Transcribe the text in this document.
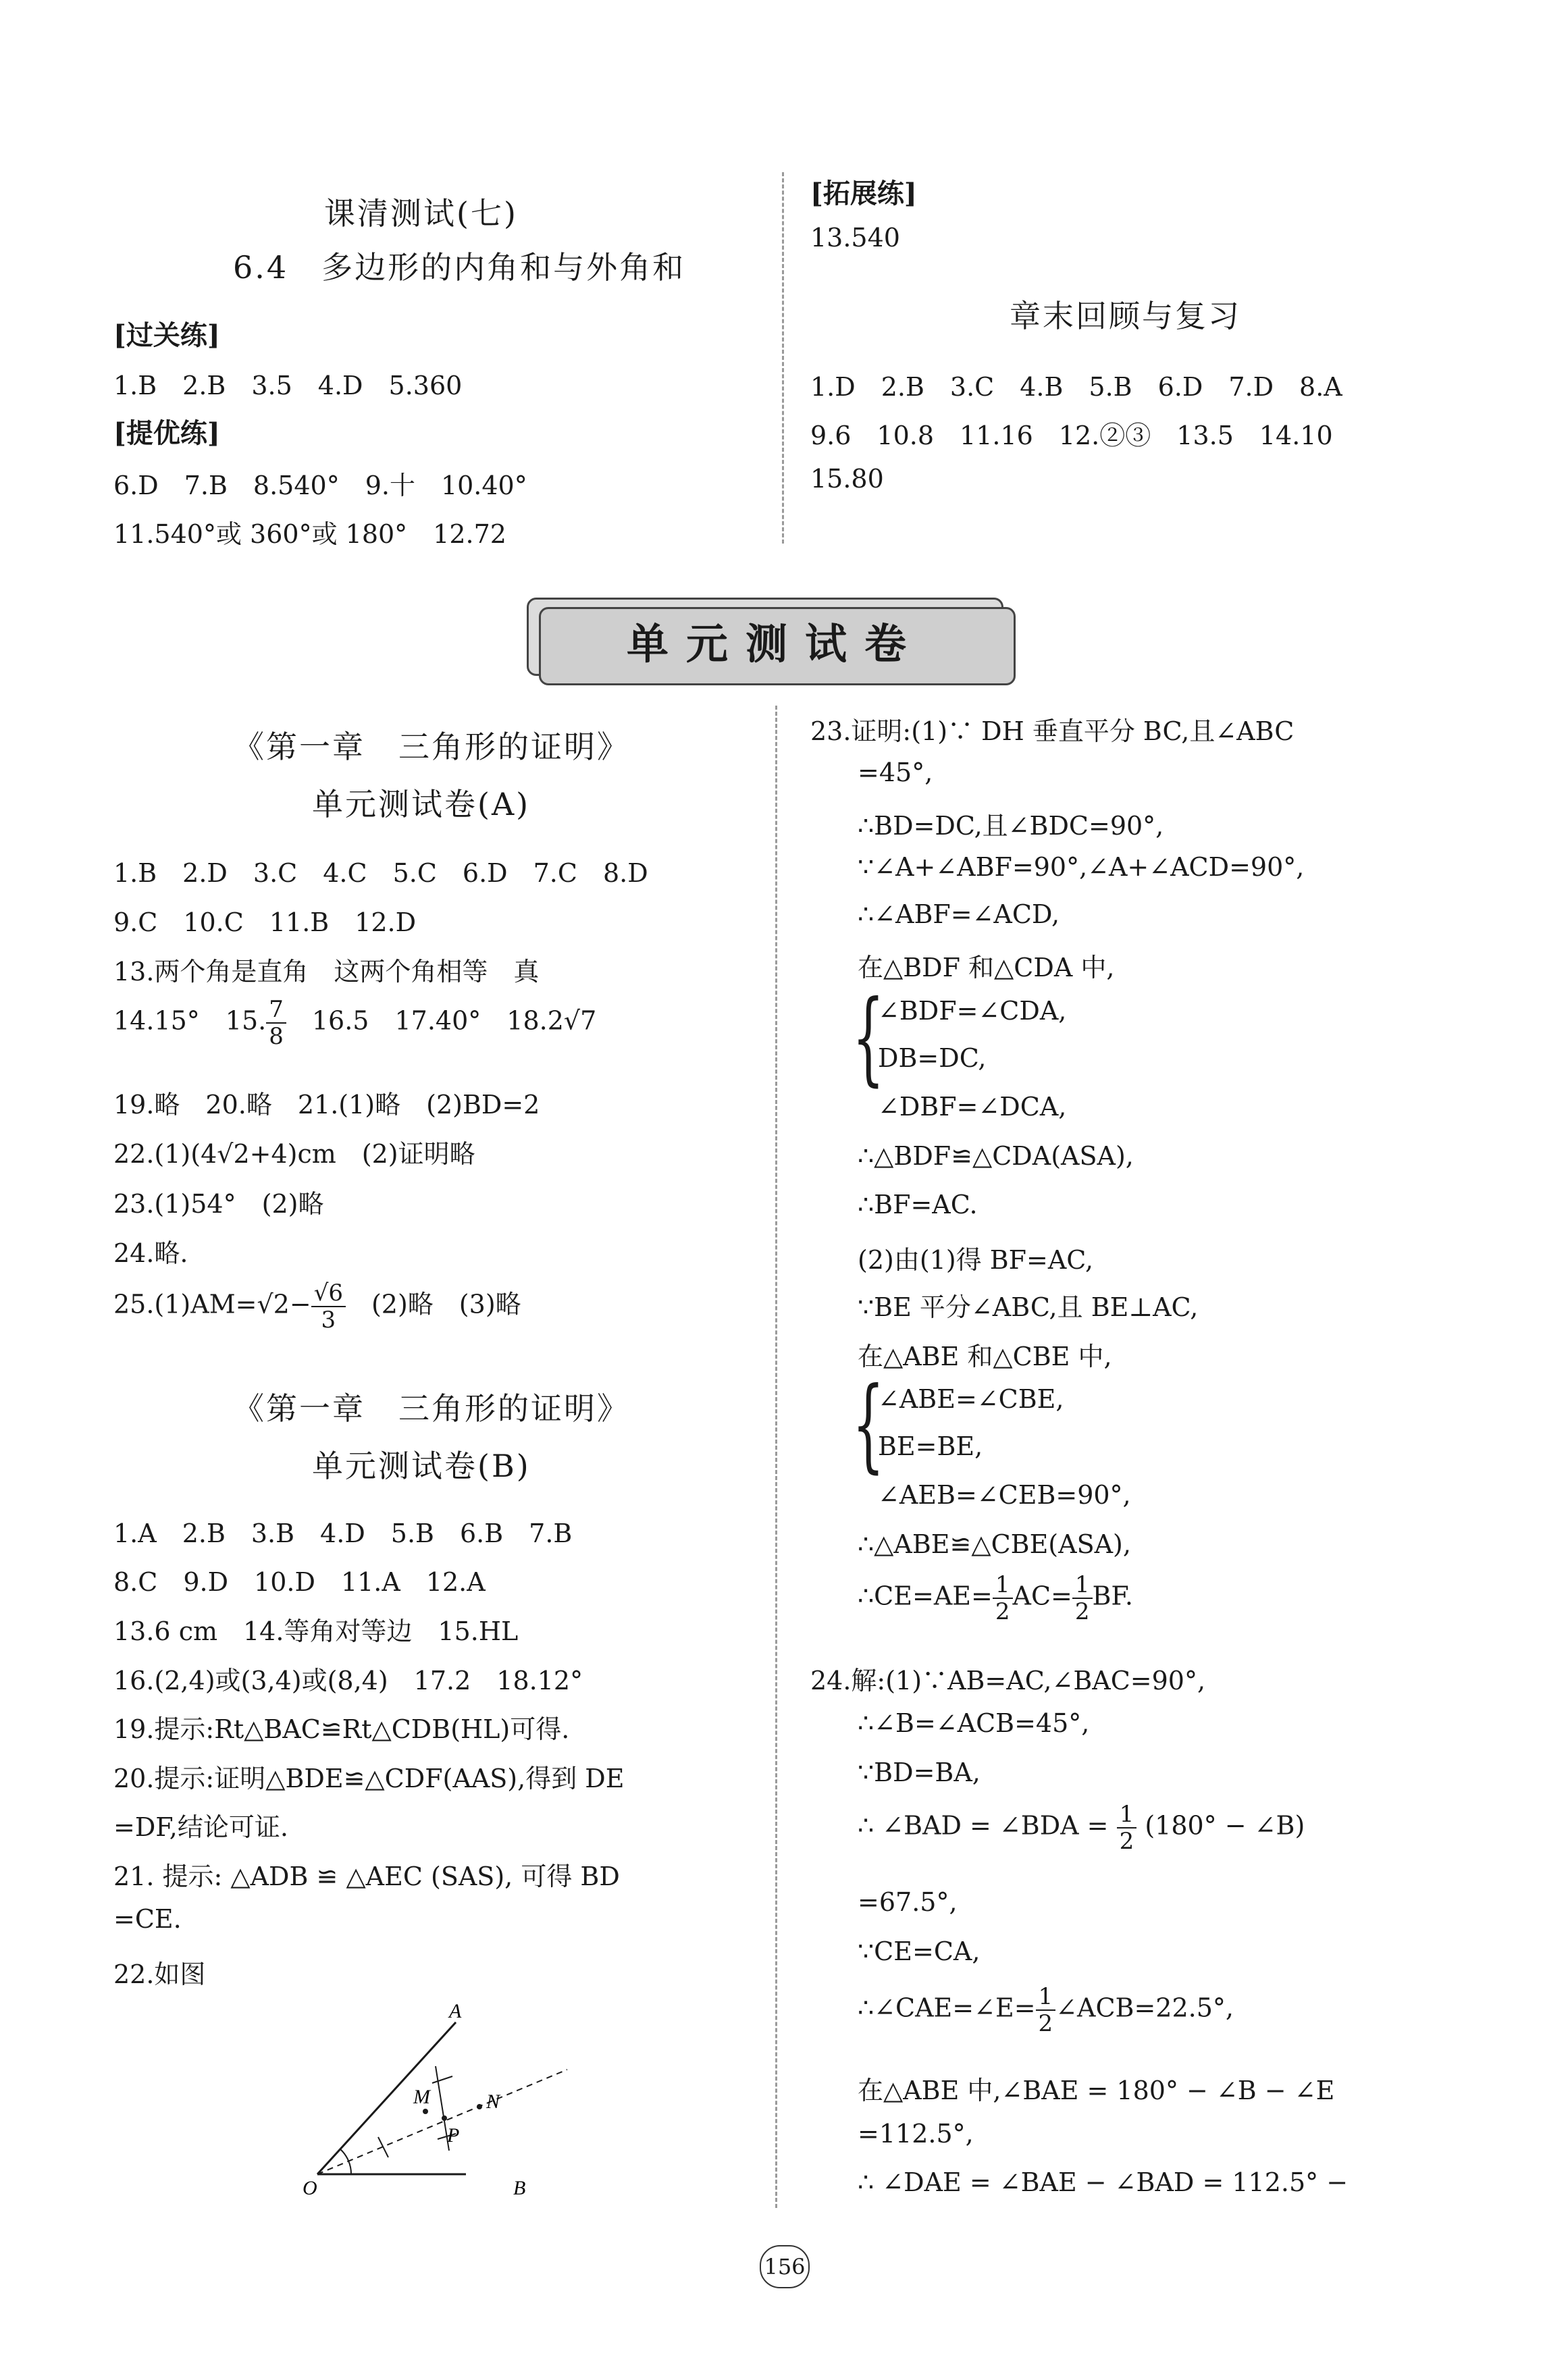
课清测试(七)
6.4　多边形的内角和与外角和
[过关练]
1.B　2.B　3.5　4.D　5.360
[提优练]
6.D　7.B　8.540°　9.十　10.40°
11.540°或 360°或 180°　12.72
[拓展练]
13.540
章末回顾与复习
1.D　2.B　3.C　4.B　5.B　6.D　7.D　8.A
9.6　10.8　11.16　12.②③　13.5　14.10
15.80
单元测试卷
《第一章　三角形的证明》
单元测试卷(A)
1.B　2.D　3.C　4.C　5.C　6.D　7.C　8.D
9.C　10.C　11.B　12.D
13.两个角是直角　这两个角相等　真
14.15°　15. $\frac{7}{8}$ 　16.5　17.40°　18.2√7
19.略　20.略　21.(1)略　(2)BD=2
22.(1)(4√2+4)cm　(2)证明略
23.(1)54°　(2)略
24.略.
$25.(1)AM=√2- \frac{√6}{3}$ 　(2)略　(3)略
《第一章　三角形的证明》
单元测试卷(B)
1.A　2.B　3.B　4.D　5.B　6.B　7.B
8.C　9.D　10.D　11.A　12.A
13.6 cm　14.等角对等边　15.HL
16.(2,4)或(3,4)或(8,4)　17.2　18.12°
19.提示:Rt△BAC≌Rt△CDB(HL)可得.
20.提示:证明△BDE≌△CDF(AAS),得到 DE
=DF,结论可证.
21. 提示: △ADB ≌ △AEC (SAS), 可得 BD
=CE.
22.如图
A
B
O
M	N
P
23.证明:(1)∵ DH 垂直平分 BC,且∠ABC
=45°,
∴BD=DC,且∠BDC=90°,
∵∠A+∠ABF=90°,∠A+∠ACD=90°,
∴∠ABF=∠ACD,
在△BDF 和△CDA 中,
{
∠BDF=∠CDA,
DB=DC,
∠DBF=∠DCA,
∴△BDF≌△CDA(ASA),
∴BF=AC.
(2)由(1)得 BF=AC,
∵BE 平分∠ABC,且 BE⊥AC,
在△ABE 和△CBE 中,
{
∠ABE=∠CBE,
BE=BE,
∠AEB=∠CEB=90°,
∴△ABE≌△CBE(ASA),
∴CE=AE= $\frac{1}{2} AC= \frac{1}{2}$ BF.
24.解:(1)∵AB=AC,∠BAC=90°,
∴∠B=∠ACB=45°,
∵BD=BA,
∴ ∠BAD = ∠BDA = $\frac{1}{2} (180^\circ$ − ∠B)
=67.5°,
∵CE=CA,
∴∠CAE=∠E= $\frac{1}{2}$ ∠ACB=22.5°,
在△ABE 中,∠BAE = 180° − ∠B − ∠E
=112.5°,
∴ ∠DAE = ∠BAE − ∠BAD = 112.5° −
156
